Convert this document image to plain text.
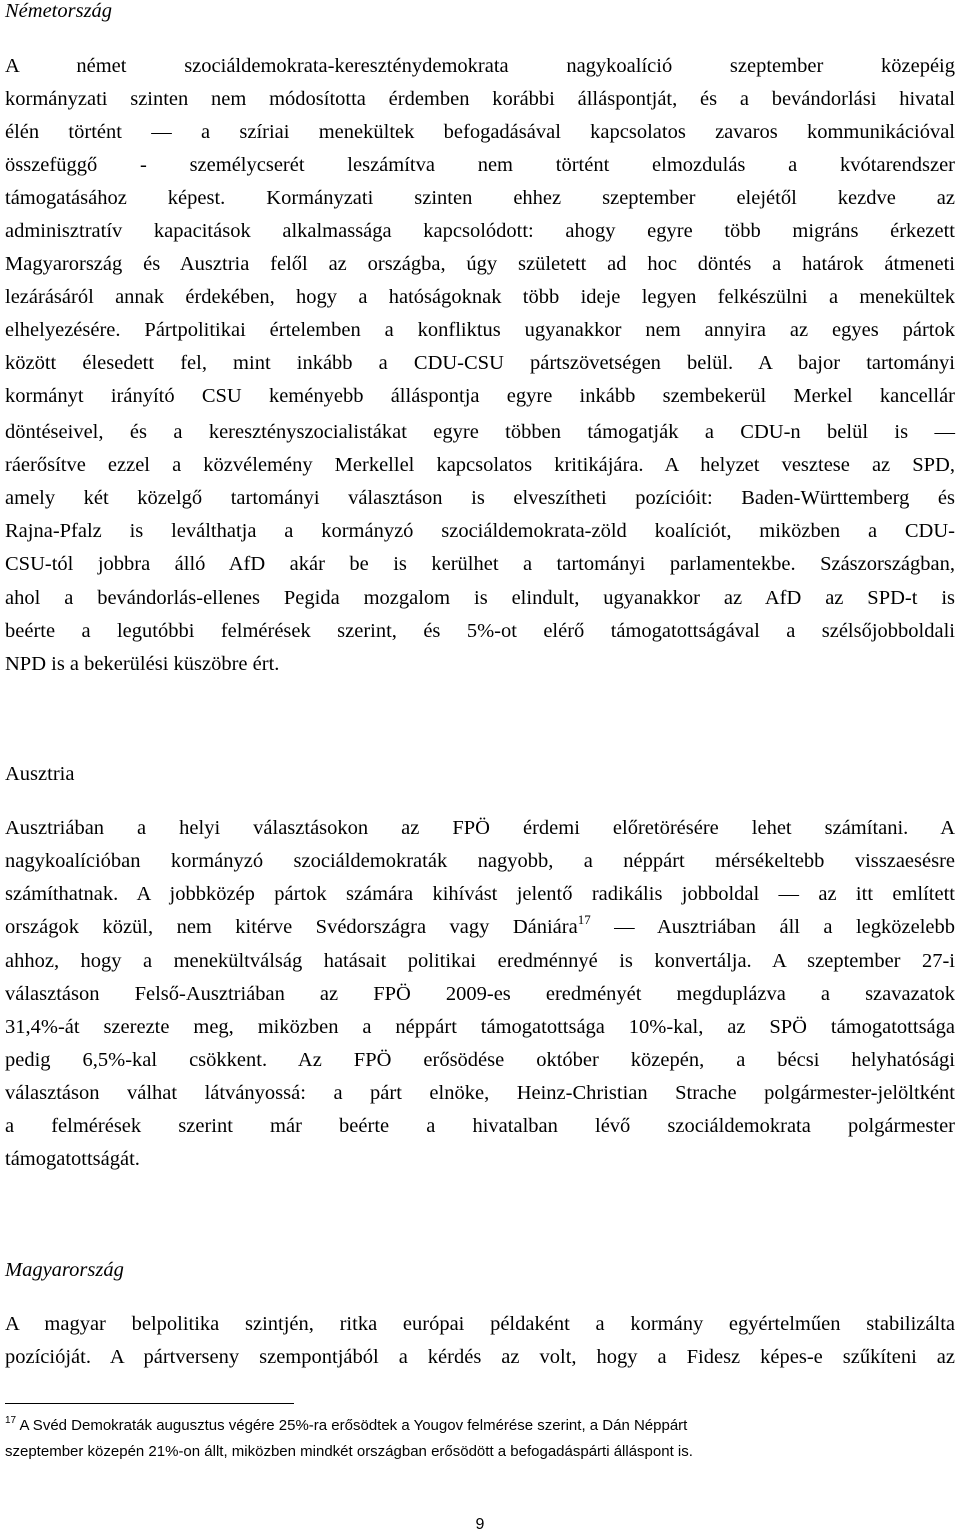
Németország
A német szociáldemokrata-kereszténydemokrata nagykoalíció szeptember közepéig
kormányzati szinten nem módosította érdemben korábbi álláspontját, és a bevándorlási hivatal
élén történt — a szíriai menekültek befogadásával kapcsolatos zavaros kommunikációval
összefüggő - személycserét leszámítva nem történt elmozdulás a kvótarendszer
támogatásához képest. Kormányzati szinten ehhez szeptember elejétől kezdve az
adminisztratív kapacitások alkalmassága kapcsolódott: ahogy egyre több migráns érkezett
Magyarország és Ausztria felől az országba, úgy született ad hoc döntés a határok átmeneti
lezárásáról annak érdekében, hogy a hatóságoknak több ideje legyen felkészülni a menekültek
elhelyezésére. Pártpolitikai értelemben a konfliktus ugyanakkor nem annyira az egyes pártok
között élesedett fel, mint inkább a CDU-CSU pártszövetségen belül. A bajor tartományi
kormányt irányító CSU keményebb álláspontja egyre inkább szembekerül Merkel kancellár
döntéseivel, és a keresztényszocialistákat egyre többen támogatják a CDU-n belül is —
ráerősítve ezzel a közvélemény Merkellel kapcsolatos kritikájára. A helyzet vesztese az SPD,
amely két közelgő tartományi választáson is elveszítheti pozícióit: Baden-Württemberg és
Rajna-Pfalz is leválthatja a kormányzó szociáldemokrata-zöld koalíciót, miközben a CDU-
CSU-tól jobbra álló AfD akár be is kerülhet a tartományi parlamentekbe. Szászországban,
ahol a bevándorlás-ellenes Pegida mozgalom is elindult, ugyanakkor az AfD az SPD-t is
beérte a legutóbbi felmérések szerint, és 5%-ot elérő támogatottságával a szélsőjobboldali
NPD is a bekerülési küszöbre ért.
Ausztria
Ausztriában a helyi választásokon az FPÖ érdemi előretörésére lehet számítani. A
nagykoalícióban kormányzó szociáldemokraták nagyobb, a néppárt mérsékeltebb visszaesésre
számíthatnak. A jobbközép pártok számára kihívást jelentő radikális jobboldal — az itt említett
országok közül, nem kitérve Svédországra vagy Dániára$^{17}$ — Ausztriában áll a legközelebb
ahhoz, hogy a menekültválság hatásait politikai eredménnyé is konvertálja. A szeptember 27-i
választáson Felső-Ausztriában az FPÖ 2009-es eredményét megduplázva a szavazatok
31,4%-át szerezte meg, miközben a néppárt támogatottsága 10%-kal, az SPÖ támogatottsága
pedig 6,5%-kal csökkent. Az FPÖ erősödése október közepén, a bécsi helyhatósági
választáson válhat látványossá: a párt elnöke, Heinz-Christian Strache polgármester-jelöltként
a felmérések szerint már beérte a hivatalban lévő szociáldemokrata polgármester
támogatottságát.
Magyarország
A magyar belpolitika szintjén, ritka európai példaként a kormány egyértelműen stabilizálta
pozícióját. A pártverseny szempontjából a kérdés az volt, hogy a Fidesz képes-e szűkíteni az
$^{17}$ A Svéd Demokraták augusztus végére 25%-ra erősödtek a Yougov felmérése szerint, a Dán Néppárt
szeptember közepén 21%-on állt, miközben mindkét országban erősödött a befogadáspárti álláspont is.
9
